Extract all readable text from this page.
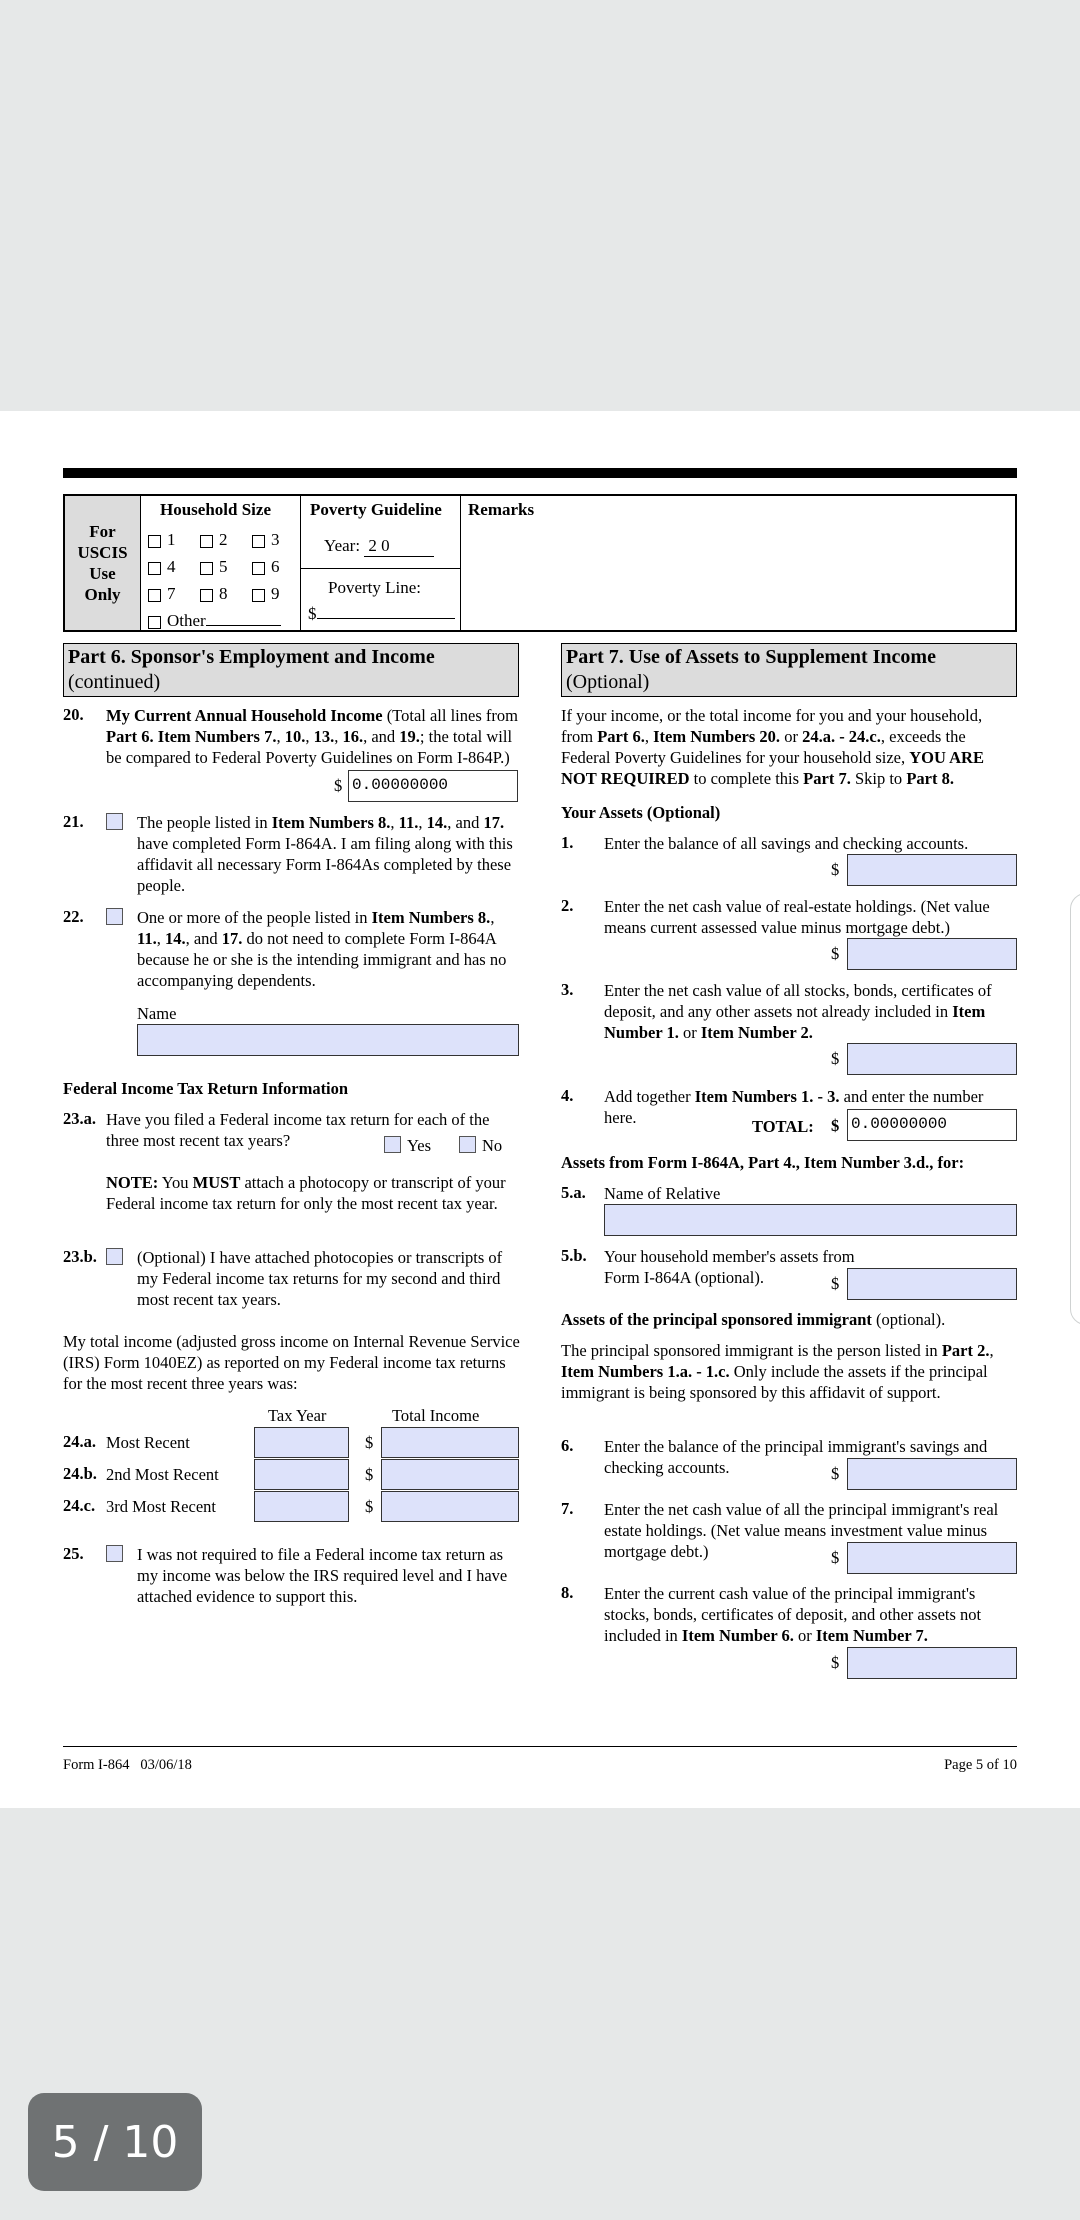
For
USCIS
Use
Only
Household Size
1	2	3
4	5	6
7	8	9
Other
Poverty Guideline
Year: 2 0
Poverty Line:
$
Remarks
Part 6. Sponsor's Employment and Income
(continued)
20. My Current Annual Household Income (Total all lines from Part 6. Item Numbers 7., 10., 13., 16., and 19.; the total will be compared to Federal Poverty Guidelines on Form I-864P.)
$ 0.00000000
21.	The people listed in Item Numbers 8., 11., 14., and 17. have completed Form I-864A. I am filing along with this affidavit all necessary Form I-864As completed by these people.
22.	One or more of the people listed in Item Numbers 8., 11., 14., and 17. do not need to complete Form I-864A because he or she is the intending immigrant and has no accompanying dependents.
Name
Federal Income Tax Return Information
23.a. Have you filed a Federal income tax return for each of the three most recent tax years?	Yes	No
NOTE: You MUST attach a photocopy or transcript of your Federal income tax return for only the most recent tax year.
23.b. (Optional) I have attached photocopies or transcripts of my Federal income tax returns for my second and third most recent tax years.
My total income (adjusted gross income on Internal Revenue Service (IRS) Form 1040EZ) as reported on my Federal income tax returns for the most recent three years was:
Tax Year	Total Income
24.a. Most Recent	$
24.b. 2nd Most Recent	$
24.c. 3rd Most Recent	$
25.	I was not required to file a Federal income tax return as my income was below the IRS required level and I have attached evidence to support this.
Part 7. Use of Assets to Supplement Income
(Optional)
If your income, or the total income for you and your household, from Part 6., Item Numbers 20. or 24.a. - 24.c., exceeds the Federal Poverty Guidelines for your household size, YOU ARE NOT REQUIRED to complete this Part 7. Skip to Part 8.
Your Assets (Optional)
1. Enter the balance of all savings and checking accounts.
$
2. Enter the net cash value of real-estate holdings. (Net value means current assessed value minus mortgage debt.)
$
3. Enter the net cash value of all stocks, bonds, certificates of deposit, and any other assets not already included in Item Number 1. or Item Number 2.
$
4. Add together Item Numbers 1. - 3. and enter the number here.	TOTAL: $ 0.00000000
Assets from Form I-864A, Part 4., Item Number 3.d., for:
5.a. Name of Relative
5.b. Your household member's assets from Form I-864A (optional).	$
Assets of the principal sponsored immigrant (optional).
The principal sponsored immigrant is the person listed in Part 2., Item Numbers 1.a. - 1.c. Only include the assets if the principal immigrant is being sponsored by this affidavit of support.
6. Enter the balance of the principal immigrant's savings and checking accounts.	$
7. Enter the net cash value of all the principal immigrant's real estate holdings. (Net value means investment value minus mortgage debt.)	$
8. Enter the current cash value of the principal immigrant's stocks, bonds, certificates of deposit, and other assets not included in Item Number 6. or Item Number 7.
$
Form I-864   03/06/18	Page 5 of 10
5 / 10
